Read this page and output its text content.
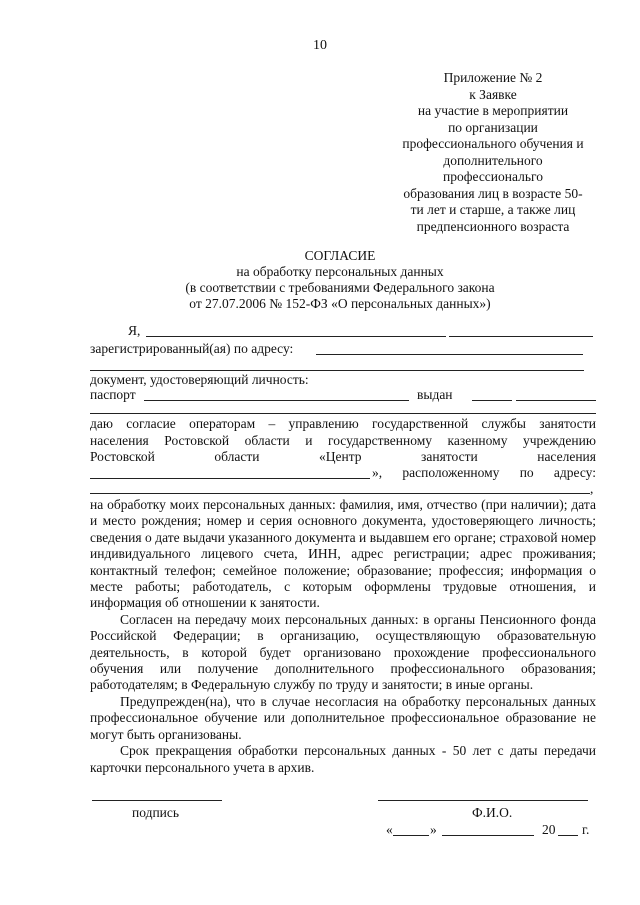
10
Приложение № 2
к Заявке
на участие в мероприятии
по организации
профессионального обучения и
дополнительного
профессиональго
образования лиц в возрасте 50-
ти лет и старше, а также лиц
предпенсионного возраста
СОГЛАСИЕ
на обработку персональных данных
(в соответствии с требованиями Федерального закона
от 27.07.2006 № 152-ФЗ «О персональных данных»)
Я,
зарегистрированный(ая) по адресу:
документ, удостоверяющий личность:
паспорт	выдан
даю согласие операторам – управлению государственной службы занятости
населения Ростовской области и государственному казенному учреждению
Ростовской	области	«Центр	занятости	населения
», расположенному по адресу:
,

на обработку моих персональных данных: фамилия, имя, отчество (при наличии); дата и место рождения; номер и серия основного документа, удостоверяющего личность; сведения о дате выдачи указанного документа и выдавшем его органе; страховой номер индивидуального лицевого счета, ИНН, адрес регистрации; адрес проживания; контактный телефон; семейное положение; образование; профессия; информация о месте работы; работодатель, с которым оформлены трудовые отношения, и информация об отношении к занятости.

Согласен на передачу моих персональных данных: в органы Пенсионного фонда Российской Федерации; в организацию, осуществляющую образовательную деятельность, в которой будет организовано прохождение профессионального обучения или получение дополнительного профессионального образования; работодателям; в Федеральную службу по труду и занятости; в иные органы.

Предупрежден(на), что в случае несогласия на обработку персональных данных профессиональное обучение или дополнительное профессиональное образование не могут быть организованы.

Срок прекращения обработки персональных данных - 50 лет с даты передачи карточки персонального учета в архив.

подпись	Ф.И.О.
«	»	20 г.
